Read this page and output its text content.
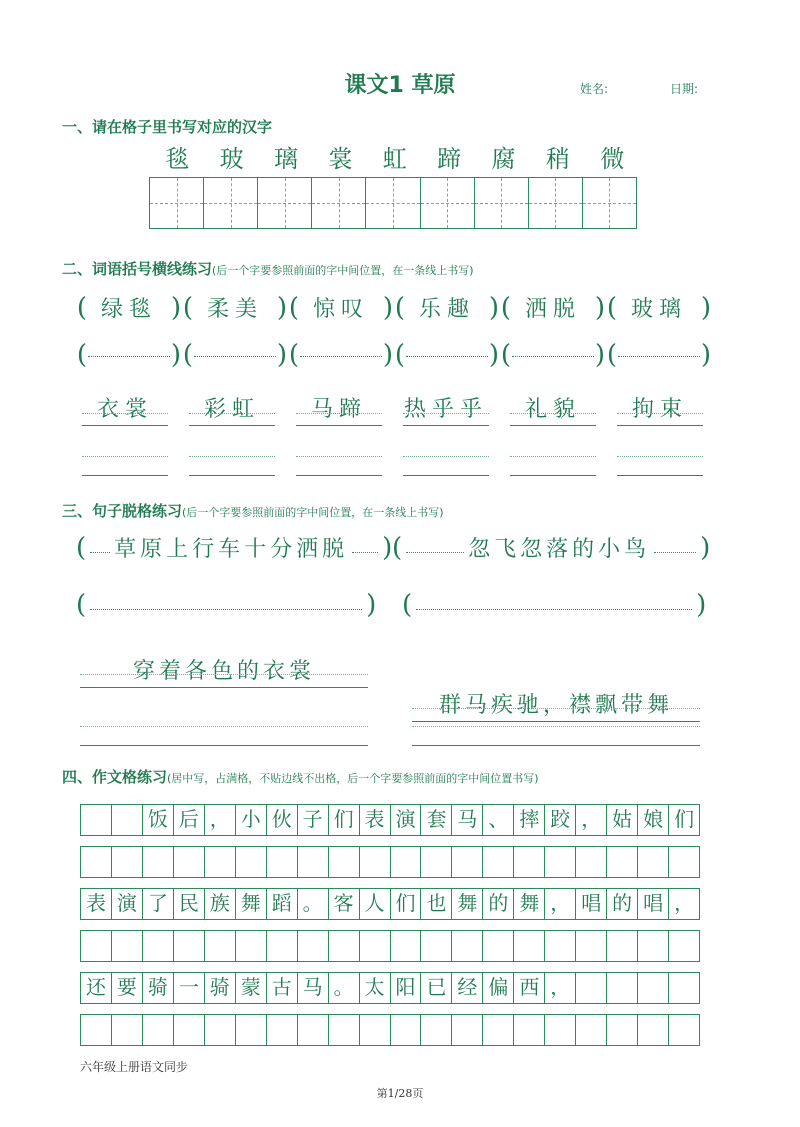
课文1 草原	姓名:	日期:
一、请在格子里书写对应的汉字
毯	玻	璃	裳	虹	蹄	腐	稍	微
二、词语括号横线练习(后一个字要参照前面的字中间位置，在一条线上书写)
( 绿毯 ) ( 柔美 ) ( 惊叹 ) ( 乐趣 ) ( 洒脱 ) ( 玻璃 )
(	) (	) (	) (	) (	) (	)
衣裳	彩虹	马蹄	热乎乎	礼貌	拘束
三、句子脱格练习(后一个字要参照前面的字中间位置，在一条线上书写)
( 草原上行车十分洒脱 ) (	忽飞忽落的小鸟 )
(	) (	)
穿着各色的衣裳
群马疾驰，襟飘带舞
四、作文格练习(居中写，占满格，不贴边线不出格，后一个字要参照前面的字中间位置书写)
饭 后 ， 小 伙 子 们 表 演 套 马 、 摔 跤 ， 姑 娘 们
表 演 了 民 族 舞 蹈 。 客 人 们 也 舞 的 舞 ， 唱 的 唱 ，
还 要 骑 一 骑 蒙 古 马 。 太 阳 已 经 偏 西 ，
六年级上册语文同步
第1/28页
